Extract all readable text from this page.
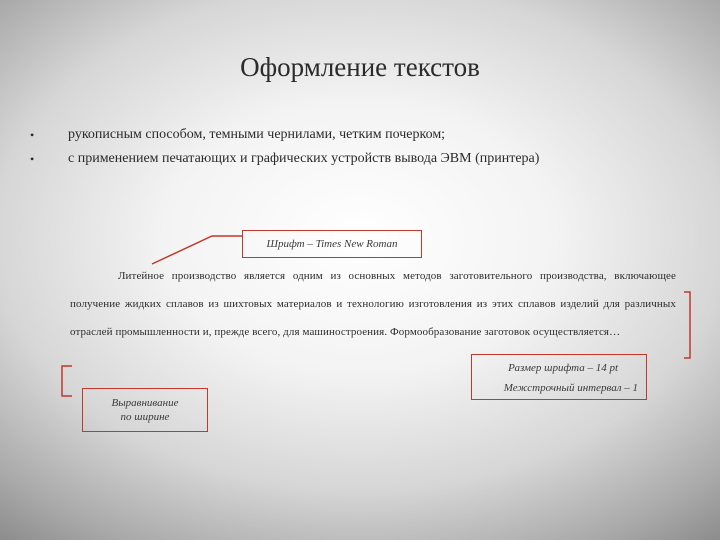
Оформление текстов
• рукописным способом, темными чернилами, четким почерком;
• с применением печатающих и графических устройств вывода ЭВМ (принтера)
Шрифт – Times New Roman
Литейное производство является одним из основных методов заготовительного производства, включающее получение жидких сплавов из шихтовых материалов и технологию изготовления из этих сплавов изделий для различных отраслей промышленности и, прежде всего, для машиностроения. Формообразование заготовок осуществляется…
Размер шрифта – 14 pt
Межстрочный интервал – 1
Выравнивание
по ширине
